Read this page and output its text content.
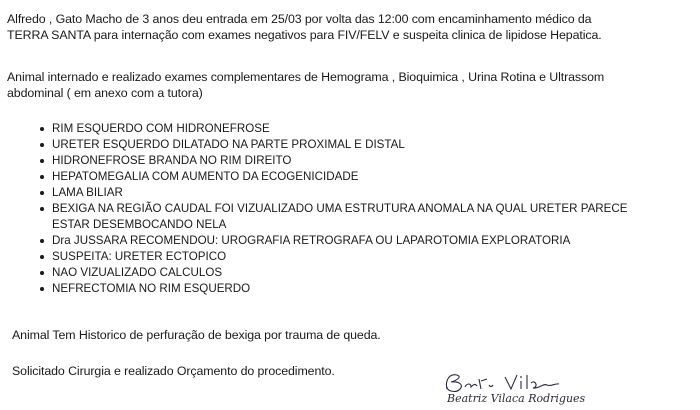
Alfredo , Gato Macho de 3 anos deu entrada em 25/03 por volta das 12:00 com encaminhamento médico da
TERRA SANTA para internação com exames negativos para FIV/FELV e suspeita clinica de lipidose Hepatica.

Animal internado e realizado exames complementares de Hemograma , Bioquimica , Urina Rotina e Ultrassom
abdominal ( em anexo com a tutora)

RIM ESQUERDO COM HIDRONEFROSE
URETER ESQUERDO DILATADO NA PARTE PROXIMAL E DISTAL
HIDRONEFROSE BRANDA NO RIM DIREITO
HEPATOMEGALIA COM AUMENTO DA ECOGENICIDADE
LAMA BILIAR
BEXIGA NA REGIÃO CAUDAL FOI VIZUALIZADO UMA ESTRUTURA ANOMALA NA QUAL URETER PARECE
ESTAR DESEMBOCANDO NELA
Dra JUSSARA RECOMENDOU: UROGRAFIA RETROGRAFA OU LAPAROTOMIA EXPLORATORIA
SUSPEITA: URETER ECTOPICO
NAO VIZUALIZADO CALCULOS
NEFRECTOMIA NO RIM ESQUERDO

Animal Tem Historico de perfuração de bexiga por trauma de queda.

Solicitado Cirurgia e realizado Orçamento do procedimento.

Beatriz Vilaca Rodrigues
